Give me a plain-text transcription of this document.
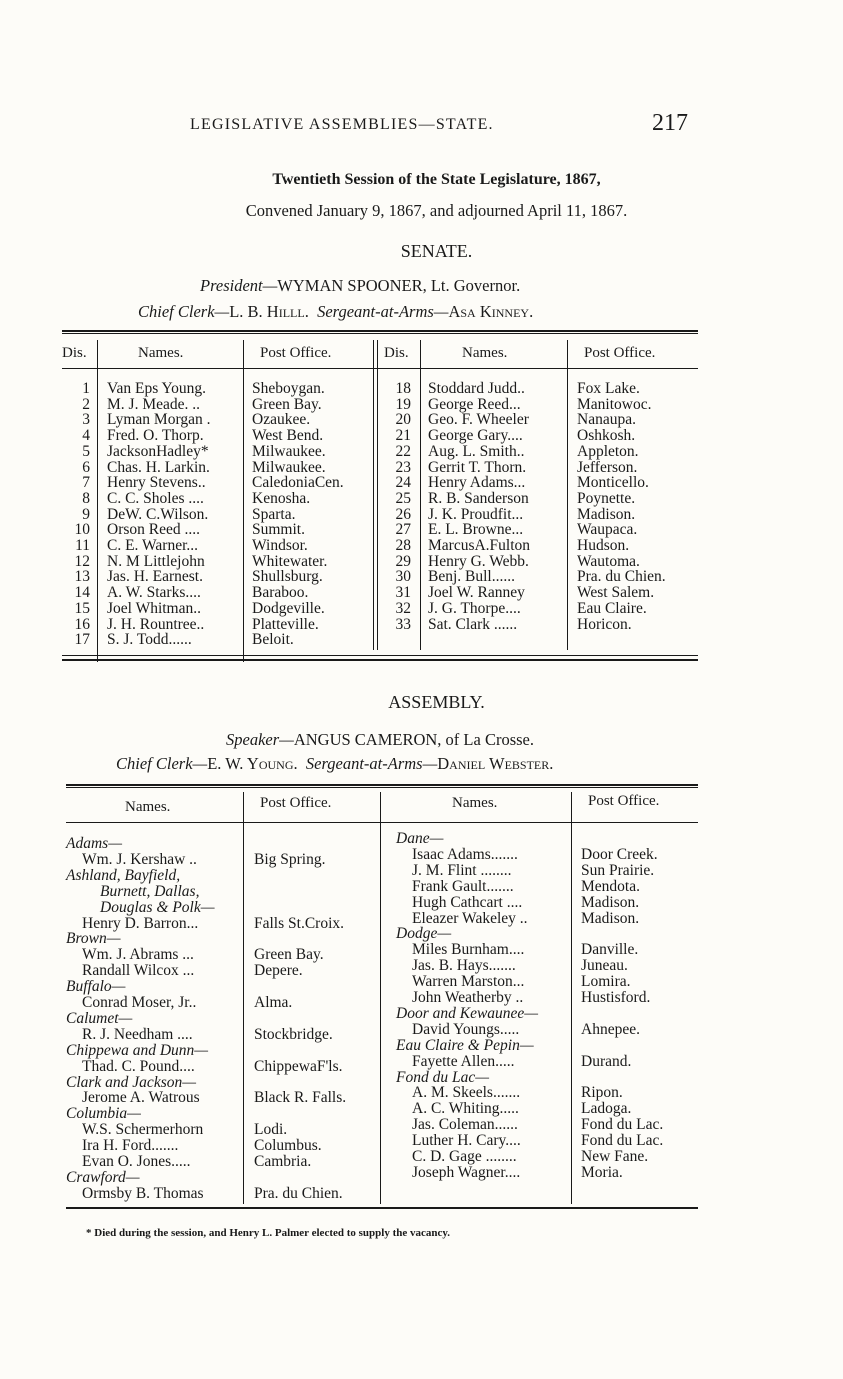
LEGISLATIVE ASSEMBLIES—STATE.	217
Twentieth Session of the State Legislature, 1867,
Convened January 9, 1867, and adjourned April 11, 1867.
SENATE.
President—WYMAN SPOONER, Lt. Governor.
Chief Clerk—L. B. Hilll. Sergeant-at-Arms—Asa Kinney.
Dis.	Names.	Post Office.	Dis.	Names.	Post Office.
1 Van Eps Young.	Sheboygan.
2 M. J. Meade. ..	Green Bay.
3 Lyman Morgan .	Ozaukee.
4 Fred. O. Thorp.	West Bend.
5 JacksonHadley*	Milwaukee.
6 Chas. H. Larkin.	Milwaukee.
7 Henry Stevens..	CaledoniaCen.
8 C. C. Sholes ....	Kenosha.
9 DeW. C.Wilson.	Sparta.
10 Orson Reed ....	Summit.
11 C. E. Warner...	Windsor.
12 N. M Littlejohn	Whitewater.
13 Jas. H. Earnest.	Shullsburg.
14 A. W. Starks....	Baraboo.
15 Joel Whitman..	Dodgeville.
16 J. H. Rountree..	Platteville.
17 S. J. Todd......	Beloit.
18 Stoddard Judd..	Fox Lake.
19 George Reed...	Manitowoc.
20 Geo. F. Wheeler	Nanaupa.
21 George Gary....	Oshkosh.
22 Aug. L. Smith..	Appleton.
23 Gerrit T. Thorn.	Jefferson.
24 Henry Adams...	Monticello.
25 R. B. Sanderson	Poynette.
26 J. K. Proudfit...	Madison.
27 E. L. Browne...	Waupaca.
28 MarcusA.Fulton	Hudson.
29 Henry G. Webb.	Wautoma.
30 Benj. Bull......	Pra. du Chien.
31 Joel W. Ranney	West Salem.
32 J. G. Thorpe....	Eau Claire.
33 Sat. Clark ......	Horicon.
ASSEMBLY.
Speaker—ANGUS CAMERON, of La Crosse.
Chief Clerk—E. W. Young. Sergeant-at-Arms—Daniel Webster.
Names.	Post Office.	Names.	Post Office.
Adams—
Wm. J. Kershaw ..	Big Spring.
Ashland, Bayfield,
Burnett, Dallas,
Douglas & Polk—
Henry D. Barron...	Falls St.Croix.
Brown—
Wm. J. Abrams ...	Green Bay.
Randall Wilcox ...	Depere.
Buffalo—
Conrad Moser, Jr..	Alma.
Calumet—
R. J. Needham ....	Stockbridge.
Chippewa and Dunn—
Thad. C. Pound....	ChippewaF'ls.
Clark and Jackson—
Jerome A. Watrous	Black R. Falls.
Columbia—
W.S. Schermerhorn	Lodi.
Ira H. Ford.......	Columbus.
Evan O. Jones.....	Cambria.
Crawford—
Ormsby B. Thomas	Pra. du Chien.
Dane—
Isaac Adams.......	Door Creek.
J. M. Flint ........	Sun Prairie.
Frank Gault.......	Mendota.
Hugh Cathcart ....	Madison.
Eleazer Wakeley ..	Madison.
Dodge—
Miles Burnham....	Danville.
Jas. B. Hays.......	Juneau.
Warren Marston...	Lomira.
John Weatherby ..	Hustisford.
Door and Kewaunee—
David Youngs.....	Ahnepee.
Eau Claire & Pepin—
Fayette Allen.....	Durand.
Fond du Lac—
A. M. Skeels.......	Ripon.
A. C. Whiting.....	Ladoga.
Jas. Coleman......	Fond du Lac.
Luther H. Cary....	Fond du Lac.
C. D. Gage ........	New Fane.
Joseph Wagner....	Moria.
* Died during the session, and Henry L. Palmer elected to supply the vacancy.
